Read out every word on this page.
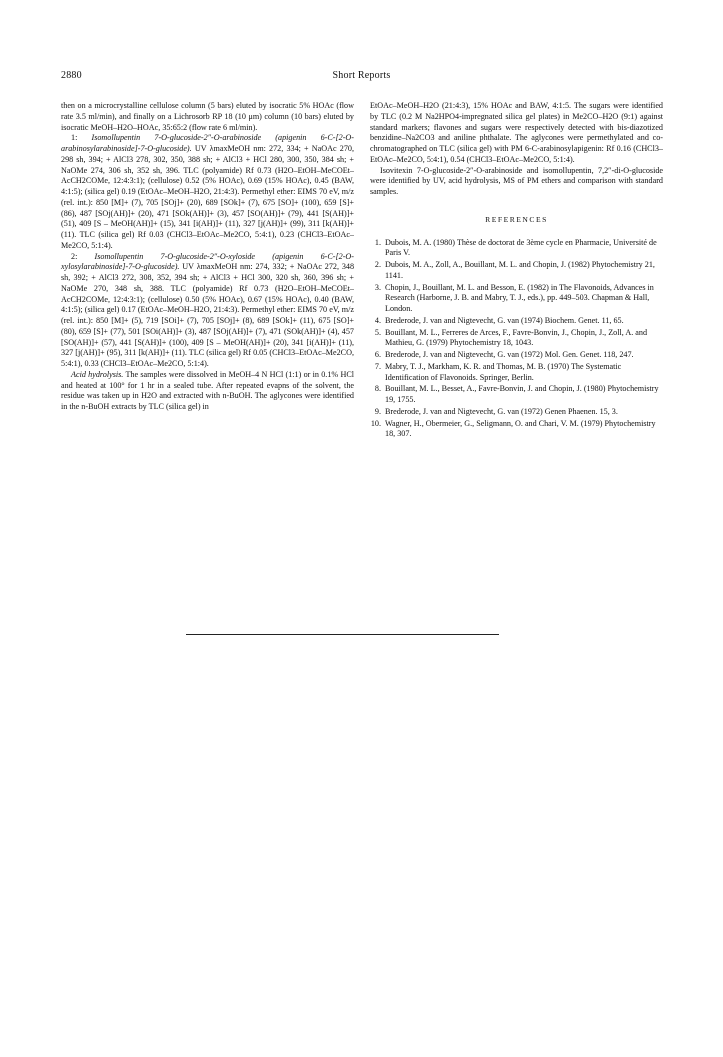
2880	Short Reports

then on a microcrystalline cellulose column (5 bars) eluted by isocratic 5% HOAc (flow rate 3.5 ml/min), and finally on a Lichrosorb RP 18 (10 μm) column (10 bars) eluted by isocratic MeOH–H2O–HOAc, 35:65:2 (flow rate 6 ml/min).

1: Isomollupentin 7-O-glucoside-2″-O-arabinoside (apigenin 6-C-[2-O-arabinosylarabinoside]-7-O-glucoside). UV λmaxMeOH nm: 272, 334; + NaOAc 270, 298 sh, 394; + AlCl3 278, 302, 350, 388 sh; + AlCl3 + HCl 280, 300, 350, 384 sh; + NaOMe 274, 306 sh, 352 sh, 396. TLC (polyamide) Rf 0.73 (H2O–EtOH–MeCOEt–AcCH2COMe, 12:4:3:1); (cellulose) 0.52 (5% HOAc), 0.69 (15% HOAc), 0.45 (BAW, 4:1:5); (silica gel) 0.19 (EtOAc–MeOH–H2O, 21:4:3). Permethyl ether: EIMS 70 eV, m/z (rel. int.): 850 [M]+ (7), 705 [SOj]+ (20), 689 [SOk]+ (7), 675 [SO]+ (100), 659 [S]+ (86), 487 [SOj(AH)]+ (20), 471 [SOk(AH)]+ (3), 457 [SO(AH)]+ (79), 441 [S(AH)]+ (51), 409 [S – MeOH(AH)]+ (15), 341 [i(AH)]+ (11), 327 [j(AH)]+ (99), 311 [k(AH)]+ (11). TLC (silica gel) Rf 0.03 (CHCl3–EtOAc–Me2CO, 5:4:1), 0.23 (CHCl3–EtOAc–Me2CO, 5:1:4).

2: Isomollupentin 7-O-glucoside-2″-O-xyloside (apigenin 6-C-[2-O-xylosylarabinoside]-7-O-glucoside). UV λmaxMeOH nm: 274, 332; + NaOAc 272, 348 sh, 392; + AlCl3 272, 308, 352, 394 sh; + AlCl3 + HCl 300, 320 sh, 360, 396 sh; + NaOMe 270, 348 sh, 388. TLC (polyamide) Rf 0.73 (H2O–EtOH–MeCOEt–AcCH2COMe, 12:4:3:1); (cellulose) 0.50 (5% HOAc), 0.67 (15% HOAc), 0.40 (BAW, 4:1:5); (silica gel) 0.17 (EtOAc–MeOH–H2O, 21:4:3). Permethyl ether: EIMS 70 eV, m/z (rel. int.): 850 [M]+ (5), 719 [SOi]+ (7), 705 [SOj]+ (8), 689 [SOk]+ (11), 675 [SO]+ (80), 659 [S]+ (77), 501 [SOi(AH)]+ (3), 487 [SOj(AH)]+ (7), 471 (SOk(AH)]+ (4), 457 [SO(AH)]+ (57), 441 [S(AH)]+ (100), 409 [S – MeOH(AH)]+ (20), 341 [i(AH)]+ (11), 327 [j(AH)]+ (95), 311 [k(AH)]+ (11). TLC (silica gel) Rf 0.05 (CHCl3–EtOAc–Me2CO, 5:4:1), 0.33 (CHCl3–EtOAc–Me2CO, 5:1:4).

Acid hydrolysis. The samples were dissolved in MeOH–4 N HCl (1:1) or in 0.1% HCl and heated at 100° for 1 hr in a sealed tube. After repeated evapns of the solvent, the residue was taken up in H2O and extracted with n-BuOH. The aglycones were identified in the n-BuOH extracts by TLC (silica gel) in

EtOAc–MeOH–H2O (21:4:3), 15% HOAc and BAW, 4:1:5. The sugars were identified by TLC (0.2 M Na2HPO4-impregnated silica gel plates) in Me2CO–H2O (9:1) against standard markers; flavones and sugars were respectively detected with bis-diazotized benzidine–Na2CO3 and aniline phthalate. The aglycones were permethylated and co-chromatographed on TLC (silica gel) with PM 6-C-arabinosylapigenin: Rf 0.16 (CHCl3–EtOAc–Me2CO, 5:4:1), 0.54 (CHCl3–EtOAc–Me2CO, 5:1:4).

Isovitexin 7-O-glucoside-2″-O-arabinoside and isomollupentin, 7,2″-di-O-glucoside were identified by UV, acid hydrolysis, MS of PM ethers and comparison with standard samples.

REFERENCES
1 . Dubois, M. A. (1980) Thèse de doctorat de 3ème cycle en Pharmacie, Université de Paris V.
2 . Dubois, M. A., Zoll, A., Bouillant, M. L. and Chopin, J. (1982) Phytochemistry 21, 1141.
3 . Chopin, J., Bouillant, M. L. and Besson, E. (1982) in The Flavonoids, Advances in Research (Harborne, J. B. and Mabry, T. J., eds.), pp. 449–503. Chapman & Hall, London.
4 . Brederode, J. van and Nigtevecht, G. van (1974) Biochem. Genet. 11, 65.
5 . Bouillant, M. L., Ferreres de Arces, F., Favre-Bonvin, J., Chopin, J., Zoll, A. and Mathieu, G. (1979) Phytochemistry 18, 1043.
6 . Brederode, J. van and Nigtevecht, G. van (1972) Mol. Gen. Genet. 118, 247.
7 . Mabry, T. J., Markham, K. R. and Thomas, M. B. (1970) The Systematic Identification of Flavonoids. Springer, Berlin.
8 . Bouillant, M. L., Besset, A., Favre-Bonvin, J. and Chopin, J. (1980) Phytochemistry 19, 1755.
9 . Brederode, J. van and Nigtevecht, G. van (1972) Genen Phaenen. 15, 3.
10 . Wagner, H., Obermeier, G., Seligmann, O. and Chari, V. M. (1979) Phytochemistry 18, 307.
